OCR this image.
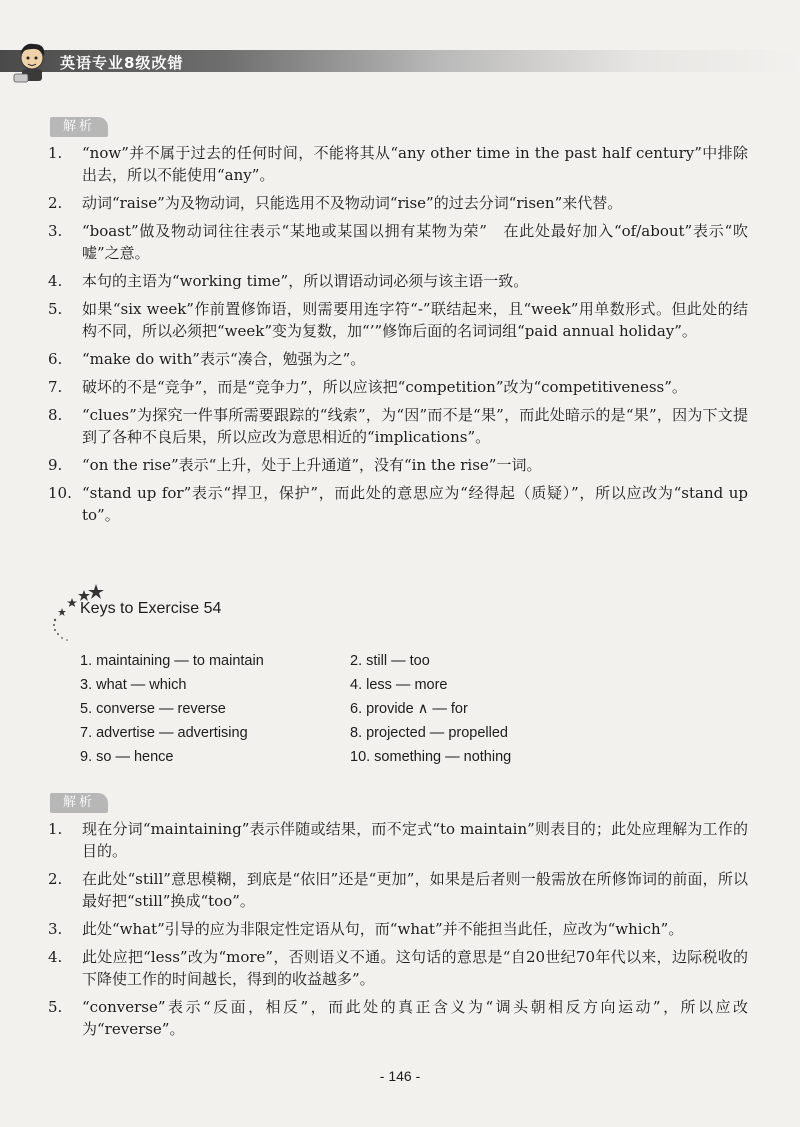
英语专业8级改错
解析
1.	“now”并不属于过去的任何时间，不能将其从“any other time in the past half century”中排除出去，所以不能使用“any”。
2.	动词“raise”为及物动词，只能选用不及物动词“rise”的过去分词“risen”来代替。
3.	“boast”做及物动词往往表示“某地或某国以拥有某物为荣”　在此处最好加入“of/about”表示“吹嘘”之意。
4.	本句的主语为“working time”，所以谓语动词必须与该主语一致。
5.	如果“six week”作前置修饰语，则需要用连字符“-”联结起来，且“week”用单数形式。但此处的结构不同，所以必须把“week”变为复数，加“’”修饰后面的名词词组“paid annual holiday”。
6.	“make do with”表示“凑合，勉强为之”。
7.	破坏的不是“竞争”，而是“竞争力”，所以应该把“competition”改为“competitiveness”。
8.	“clues”为探究一件事所需要跟踪的“线索”，为“因”而不是“果”，而此处暗示的是“果”，因为下文提到了各种不良后果，所以应改为意思相近的“implications”。
9.	“on the rise”表示“上升，处于上升通道”，没有“in the rise”一词。
10. “stand up for”表示“捍卫，保护”，而此处的意思应为“经得起（质疑）”，所以应改为“stand up to”。
Keys to Exercise 54
1. maintaining — to maintain	2. still — too
3. what — which	4. less — more
5. converse — reverse	6. provide ∧ — for
7. advertise — advertising	8. projected — propelled
9. so — hence	10. something — nothing
解析
1.	现在分词“maintaining”表示伴随或结果，而不定式“to maintain”则表目的；此处应理解为工作的目的。
2.	在此处“still”意思模糊，到底是“依旧”还是“更加”，如果是后者则一般需放在所修饰词的前面，所以最好把“still”换成“too”。
3.	此处“what”引导的应为非限定性定语从句，而“what”并不能担当此任，应改为“which”。
4.	此处应把“less”改为“more”，否则语义不通。这句话的意思是“自20世纪70年代以来，边际税收的下降使工作的时间越长，得到的收益越多”。
5.	“converse”表示“反面，相反”，而此处的真正含义为“调头朝相反方向运动”，所以应改为“reverse”。
- 146 -
